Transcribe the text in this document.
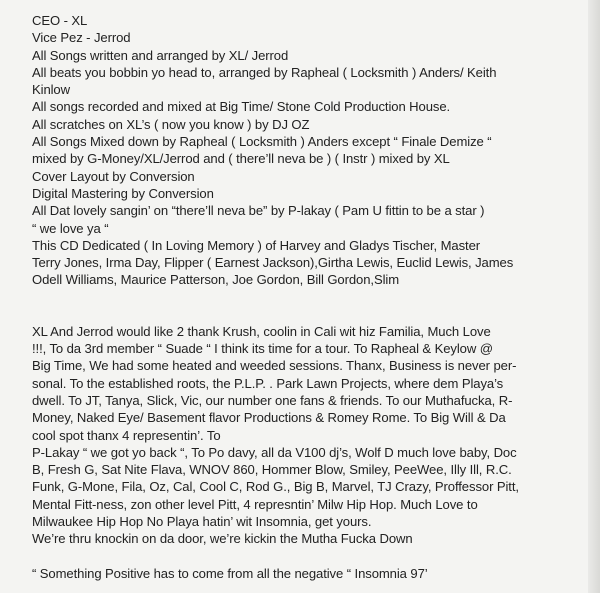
CEO - XL
Vice Pez - Jerrod
All Songs written and arranged by XL/ Jerrod
All beats you bobbin yo head to, arranged by Rapheal ( Locksmith ) Anders/ Keith
Kinlow
All songs recorded and mixed at Big Time/ Stone Cold Production House.
All scratches on XL’s ( now you know ) by DJ OZ
All Songs Mixed down by Rapheal ( Locksmith ) Anders except “ Finale Demize “
mixed by G-Money/XL/Jerrod and ( there’ll neva be ) ( Instr ) mixed by XL
Cover Layout by Conversion
Digital Mastering by Conversion
All Dat lovely sangin’ on “there’ll neva be” by P-lakay ( Pam U fittin to be a star )
“ we love ya “
This CD Dedicated ( In Loving Memory ) of Harvey and Gladys Tischer, Master
Terry Jones, Irma Day, Flipper ( Earnest Jackson),Girtha Lewis, Euclid Lewis, James
Odell Williams, Maurice Patterson, Joe Gordon, Bill Gordon,Slim
XL And Jerrod would like 2 thank Krush, coolin in Cali wit hiz Familia, Much Love
!!!, To da 3rd member “ Suade “ I think its time for a tour. To Rapheal & Keylow @
Big Time, We had some heated and weeded sessions. Thanx, Business is never per-
sonal. To the established roots, the P.L.P. . Park Lawn Projects, where dem Playa’s
dwell. To JT, Tanya, Slick, Vic, our number one fans & friends. To our Muthafucka, R-
Money, Naked Eye/ Basement flavor Productions & Romey Rome. To Big Will & Da
cool spot thanx 4 representin’. To
P-Lakay “ we got yo back “, To Po davy, all da V100 dj’s, Wolf D much love baby, Doc
B, Fresh G, Sat Nite Flava, WNOV 860, Hommer Blow, Smiley, PeeWee, Illy Ill, R.C.
Funk, G-Mone, Fila, Oz, Cal, Cool C, Rod G., Big B, Marvel, TJ Crazy, Proffessor Pitt,
Mental Fitt-ness, zon other level Pitt, 4 represntin’ Milw Hip Hop. Much Love to
Milwaukee Hip Hop No Playa hatin’ wit Insomnia, get yours.
We’re thru knockin on da door, we’re kickin the Mutha Fucka Down
“ Something Positive has to come from all the negative “ Insomnia 97’
